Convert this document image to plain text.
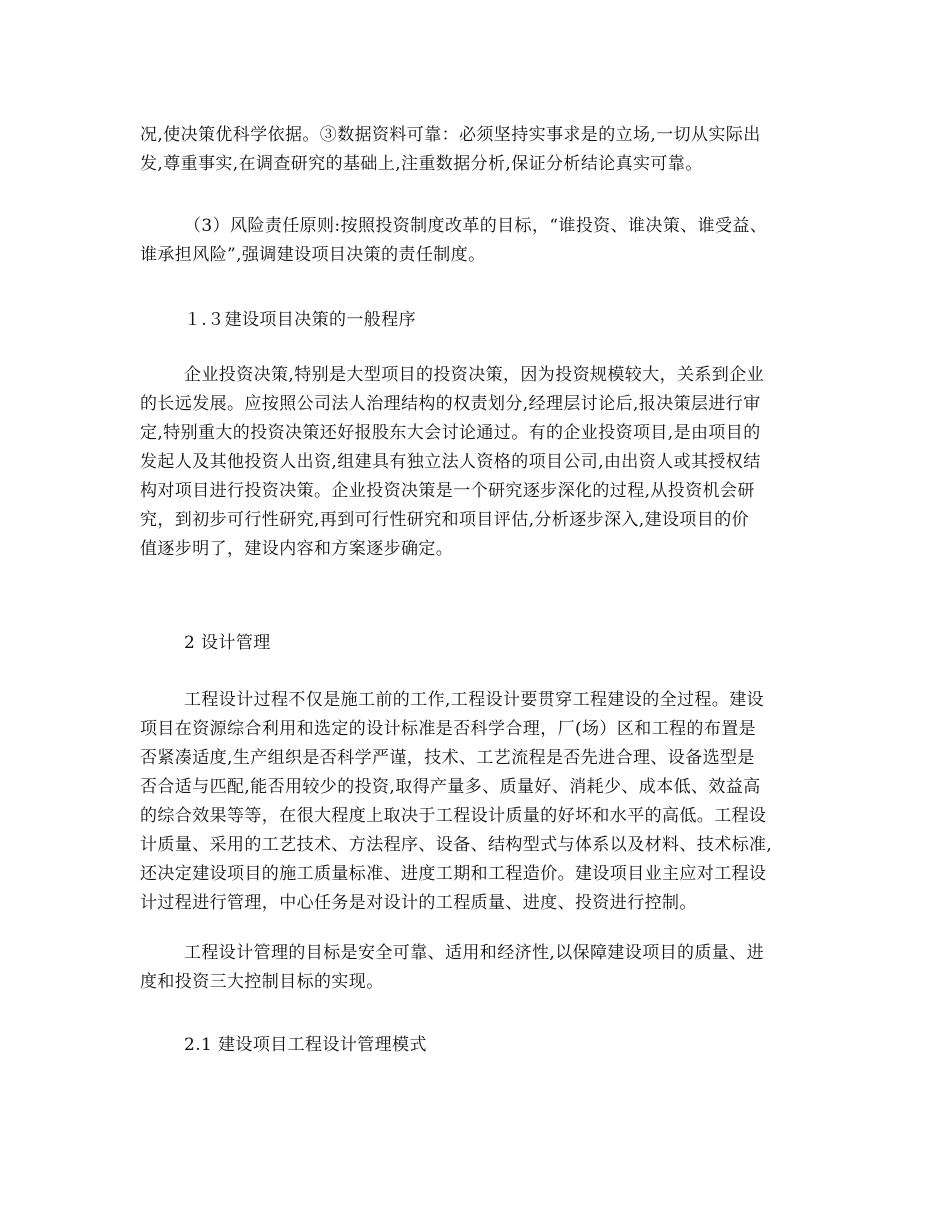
况,使决策优科学依据。③数据资料可靠：必须坚持实事求是的立场,一切从实际出
发,尊重事实,在调查研究的基础上,注重数据分析,保证分析结论真实可靠。
（3）风险责任原则:按照投资制度改革的目标，“谁投资、谁决策、谁受益、
谁承担风险”,强调建设项目决策的责任制度。
１.３建设项目决策的一般程序
企业投资决策,特别是大型项目的投资决策，因为投资规模较大，关系到企业
的长远发展。应按照公司法人治理结构的权责划分,经理层讨论后,报决策层进行审
定,特别重大的投资决策还好报股东大会讨论通过。有的企业投资项目,是由项目的
发起人及其他投资人出资,组建具有独立法人资格的项目公司,由出资人或其授权结
构对项目进行投资决策。企业投资决策是一个研究逐步深化的过程,从投资机会研
究，到初步可行性研究,再到可行性研究和项目评估,分析逐步深入,建设项目的价
值逐步明了，建设内容和方案逐步确定。
2 设计管理
工程设计过程不仅是施工前的工作,工程设计要贯穿工程建设的全过程。建设
项目在资源综合利用和选定的设计标准是否科学合理，厂(场）区和工程的布置是
否紧凑适度,生产组织是否科学严谨，技术、工艺流程是否先进合理、设备选型是
否合适与匹配,能否用较少的投资,取得产量多、质量好、消耗少、成本低、效益高
的综合效果等等，在很大程度上取决于工程设计质量的好坏和水平的高低。工程设
计质量、采用的工艺技术、方法程序、设备、结构型式与体系以及材料、技术标准,
还决定建设项目的施工质量标准、进度工期和工程造价。建设项目业主应对工程设
计过程进行管理，中心任务是对设计的工程质量、进度、投资进行控制。
工程设计管理的目标是安全可靠、适用和经济性,以保障建设项目的质量、进
度和投资三大控制目标的实现。
2.1 建设项目工程设计管理模式
